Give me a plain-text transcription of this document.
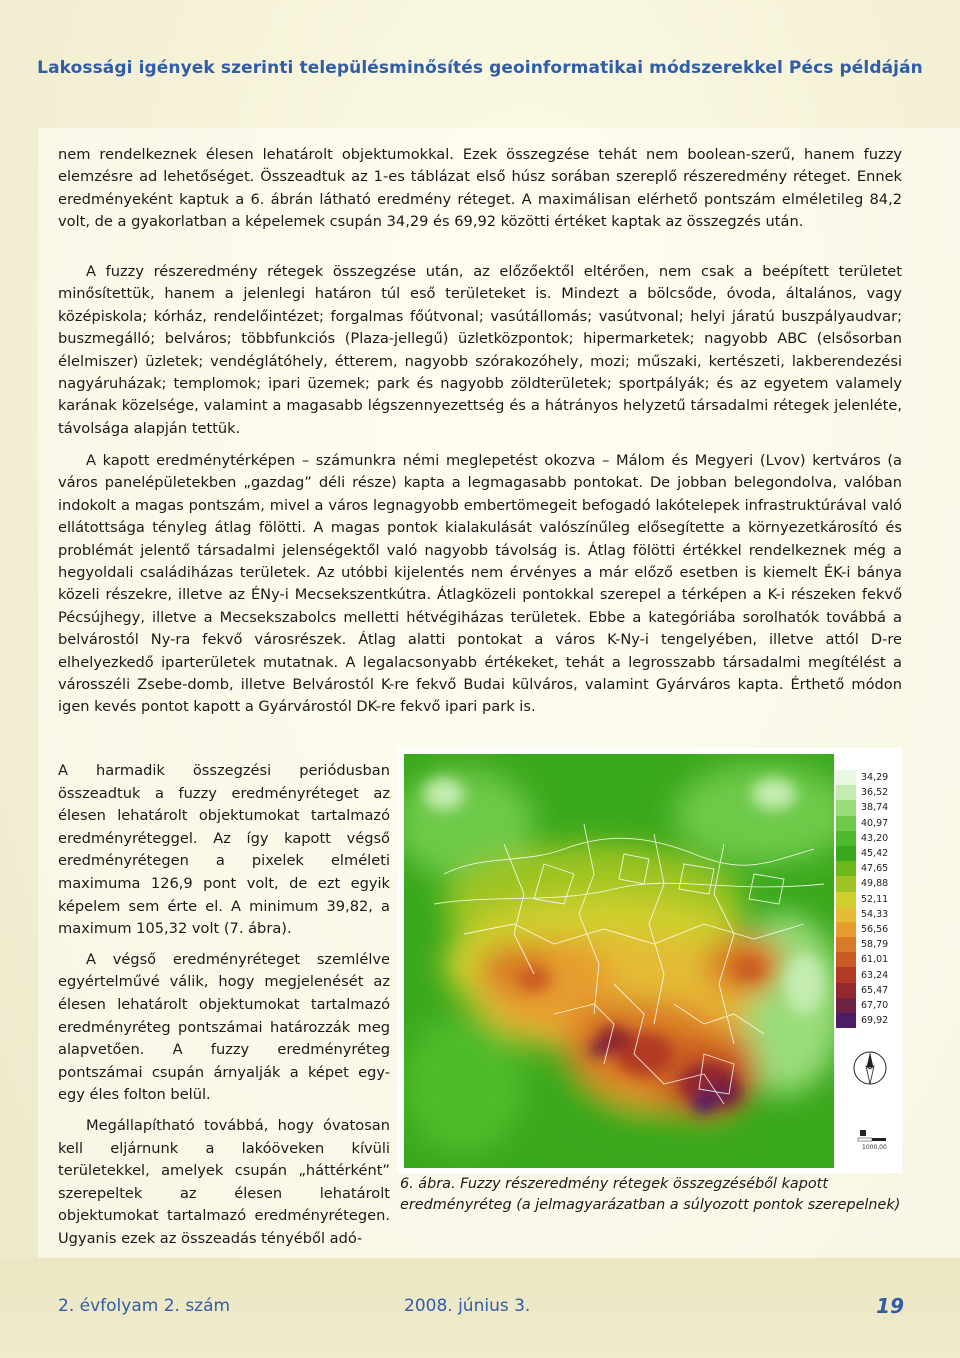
Lakossági igények szerinti településminősítés geoinformatikai módszerekkel Pécs példáján

nem rendelkeznek élesen lehatárolt objektumokkal. Ezek összegzése tehát nem boolean-szerű, hanem fuzzy elemzésre ad lehetőséget. Összeadtuk az 1-es táblázat első húsz sorában szereplő részeredmény réteget. Ennek eredményeként kaptuk a 6. ábrán látható eredmény réteget. A maximálisan elérhető pontszám elméletileg 84,2 volt, de a gyakorlatban a képelemek csupán 34,29 és 69,92 közötti értéket kaptak az összegzés után.

A fuzzy részeredmény rétegek összegzése után, az előzőektől eltérően, nem csak a beépített területet minősítettük, hanem a jelenlegi határon túl eső területeket is. Mindezt a bölcsőde, óvoda, általános, vagy középiskola; kórház, rendelőintézet; forgalmas főútvonal; vasútállomás; vasútvonal; helyi járatú buszpályaudvar; buszmegálló; belváros; többfunkciós (Plaza-jellegű) üzletközpontok; hipermarketek; nagyobb ABC (elsősorban élelmiszer) üzletek; vendéglátóhely, étterem, nagyobb szórakozóhely, mozi; műszaki, kertészeti, lakberendezési nagyáruházak; templomok; ipari üzemek; park és nagyobb zöldterületek; sportpályák; és az egyetem valamely karának közelsége, valamint a magasabb légszennyezettség és a hátrányos helyzetű társadalmi rétegek jelenléte, távolsága alapján tettük.

A kapott eredménytérképen – számunkra némi meglepetést okozva – Málom és Megyeri (Lvov) kertváros (a város panelépületekben „gazdag” déli része) kapta a legmagasabb pontokat. De jobban belegondolva, valóban indokolt a magas pontszám, mivel a város legnagyobb embertömegeit befogadó lakótelepek infrastruktúrával való ellátottsága tényleg átlag fölötti. A magas pontok kialakulását valószínűleg elősegítette a környezetkárosító és problémát jelentő társadalmi jelenségektől való nagyobb távolság is. Átlag fölötti értékkel rendelkeznek még a hegyoldali családiházas területek. Az utóbbi kijelentés nem érvényes a már előző esetben is kiemelt ÉK-i bánya közeli részekre, illetve az ÉNy-i Mecsekszentkútra. Átlagközeli pontokkal szerepel a térképen a K-i részeken fekvő Pécsújhegy, illetve a Mecsekszabolcs melletti hétvégiházas területek. Ebbe a kategóriába sorolhatók továbbá a belvárostól Ny-ra fekvő városrészek. Átlag alatti pontokat a város K-Ny-i tengelyében, illetve attól D-re elhelyezkedő iparterületek mutatnak. A legalacsonyabb értékeket, tehát a legrosszabb társadalmi megítélést a városszéli Zsebe-domb, illetve Belvárostól K-re fekvő Budai külváros, valamint Gyárváros kapta. Érthető módon igen kevés pontot kapott a Gyárvárostól DK-re fekvő ipari park is.

A harmadik összegzési periódusban összeadtuk a fuzzy eredményréteget az élesen lehatárolt objektumokat tartalmazó eredményréteggel. Az így kapott végső eredményrétegen a pixelek elméleti maximuma 126,9 pont volt, de ezt egyik képelem sem érte el. A minimum 39,82, a maximum 105,32 volt (7. ábra).

A végső eredményréteget szemlélve egyértelművé válik, hogy megjelenését az élesen lehatárolt objektumokat tartalmazó eredményréteg pontszámai határozzák meg alapvetően. A fuzzy eredményréteg pontszámai csupán árnyalják a képet egy-egy éles folton belül.

Megállapítható továbbá, hogy óvatosan kell eljárnunk a lakóöveken kívüli területekkel, amelyek csupán „háttérként” szerepeltek az élesen lehatárolt objektumokat tartalmazó eredményrétegen. Ugyanis ezek az összeadás tényéből adó-

34,29
36,52
38,74
40,97
43,20
45,42
47,65
49,88
52,11
54,33
56,56
58,79
61,01
63,24
65,47
67,70
69,92
1000,00

6. ábra. Fuzzy részeredmény rétegek összegzéséből kapott eredményréteg (a jelmagyarázatban a súlyozott pontok szerepelnek)

2. évfolyam 2. szám	2008. június 3.	19
